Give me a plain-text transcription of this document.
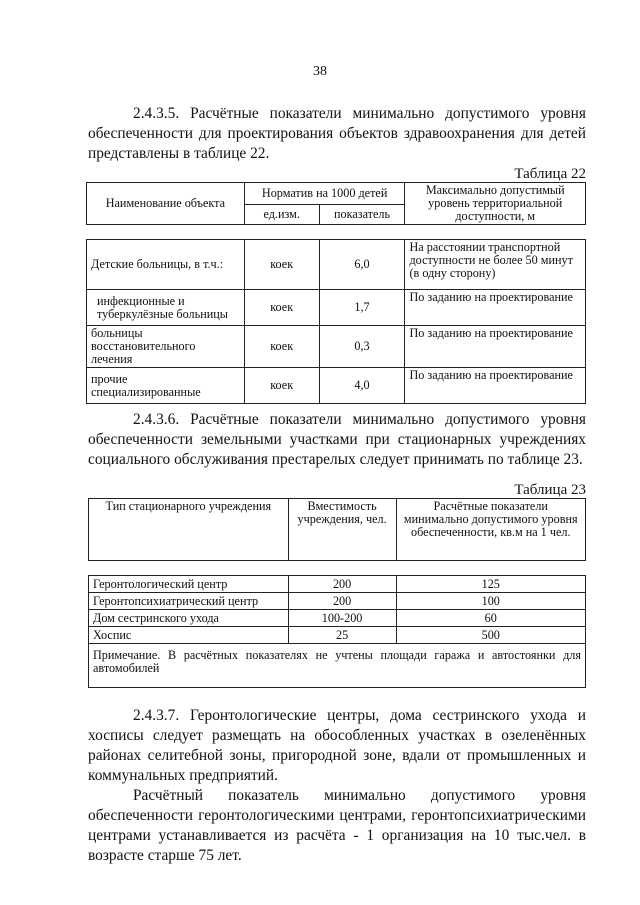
38

2.4.3.5. Расчётные показатели минимально допустимого уровня обеспеченности для проектирования объектов здравоохранения для детей представлены в таблице 22.

Таблица 22
Наименование объекта	Норматив на 1000 детей		Максимально допустимый уровень территориальной доступности, м
	ед.изм.	показатель	

Детские больницы, в т.ч.:	коек	6,0	На расстоянии транспортной доступности не более 50 минут (в одну сторону)
инфекционные и туберкулёзные больницы	коек	1,7	По заданию на проектирование
больницы восстановительного лечения	коек	0,3	По заданию на проектирование
прочие специализированные	коек	4,0	По заданию на проектирование

2.4.3.6. Расчётные показатели минимально допустимого уровня обеспеченности земельными участками при стационарных учреждениях социального обслуживания престарелых следует принимать по таблице 23.

Таблица 23
Тип стационарного учреждения	Вместимость учреждения, чел.	Расчётные показатели минимально допустимого уровня обеспеченности, кв.м на 1 чел.

Геронтологический центр	200	125
Геронтопсихиатрический центр	200	100
Дом сестринского ухода	100-200	60
Хоспис	25	500
Примечание. В расчётных показателях не учтены площади гаража и автостоянки для автомобилей		

2.4.3.7. Геронтологические центры, дома сестринского ухода и хосписы следует размещать на обособленных участках в озеленённых районах селитебной зоны, пригородной зоне, вдали от промышленных и коммунальных предприятий.

Расчётный показатель минимально допустимого уровня обеспеченности геронтологическими центрами, геронтопсихиатрическими центрами устанавливается из расчёта - 1 организация на 10 тыс.чел. в возрасте старше 75 лет.
